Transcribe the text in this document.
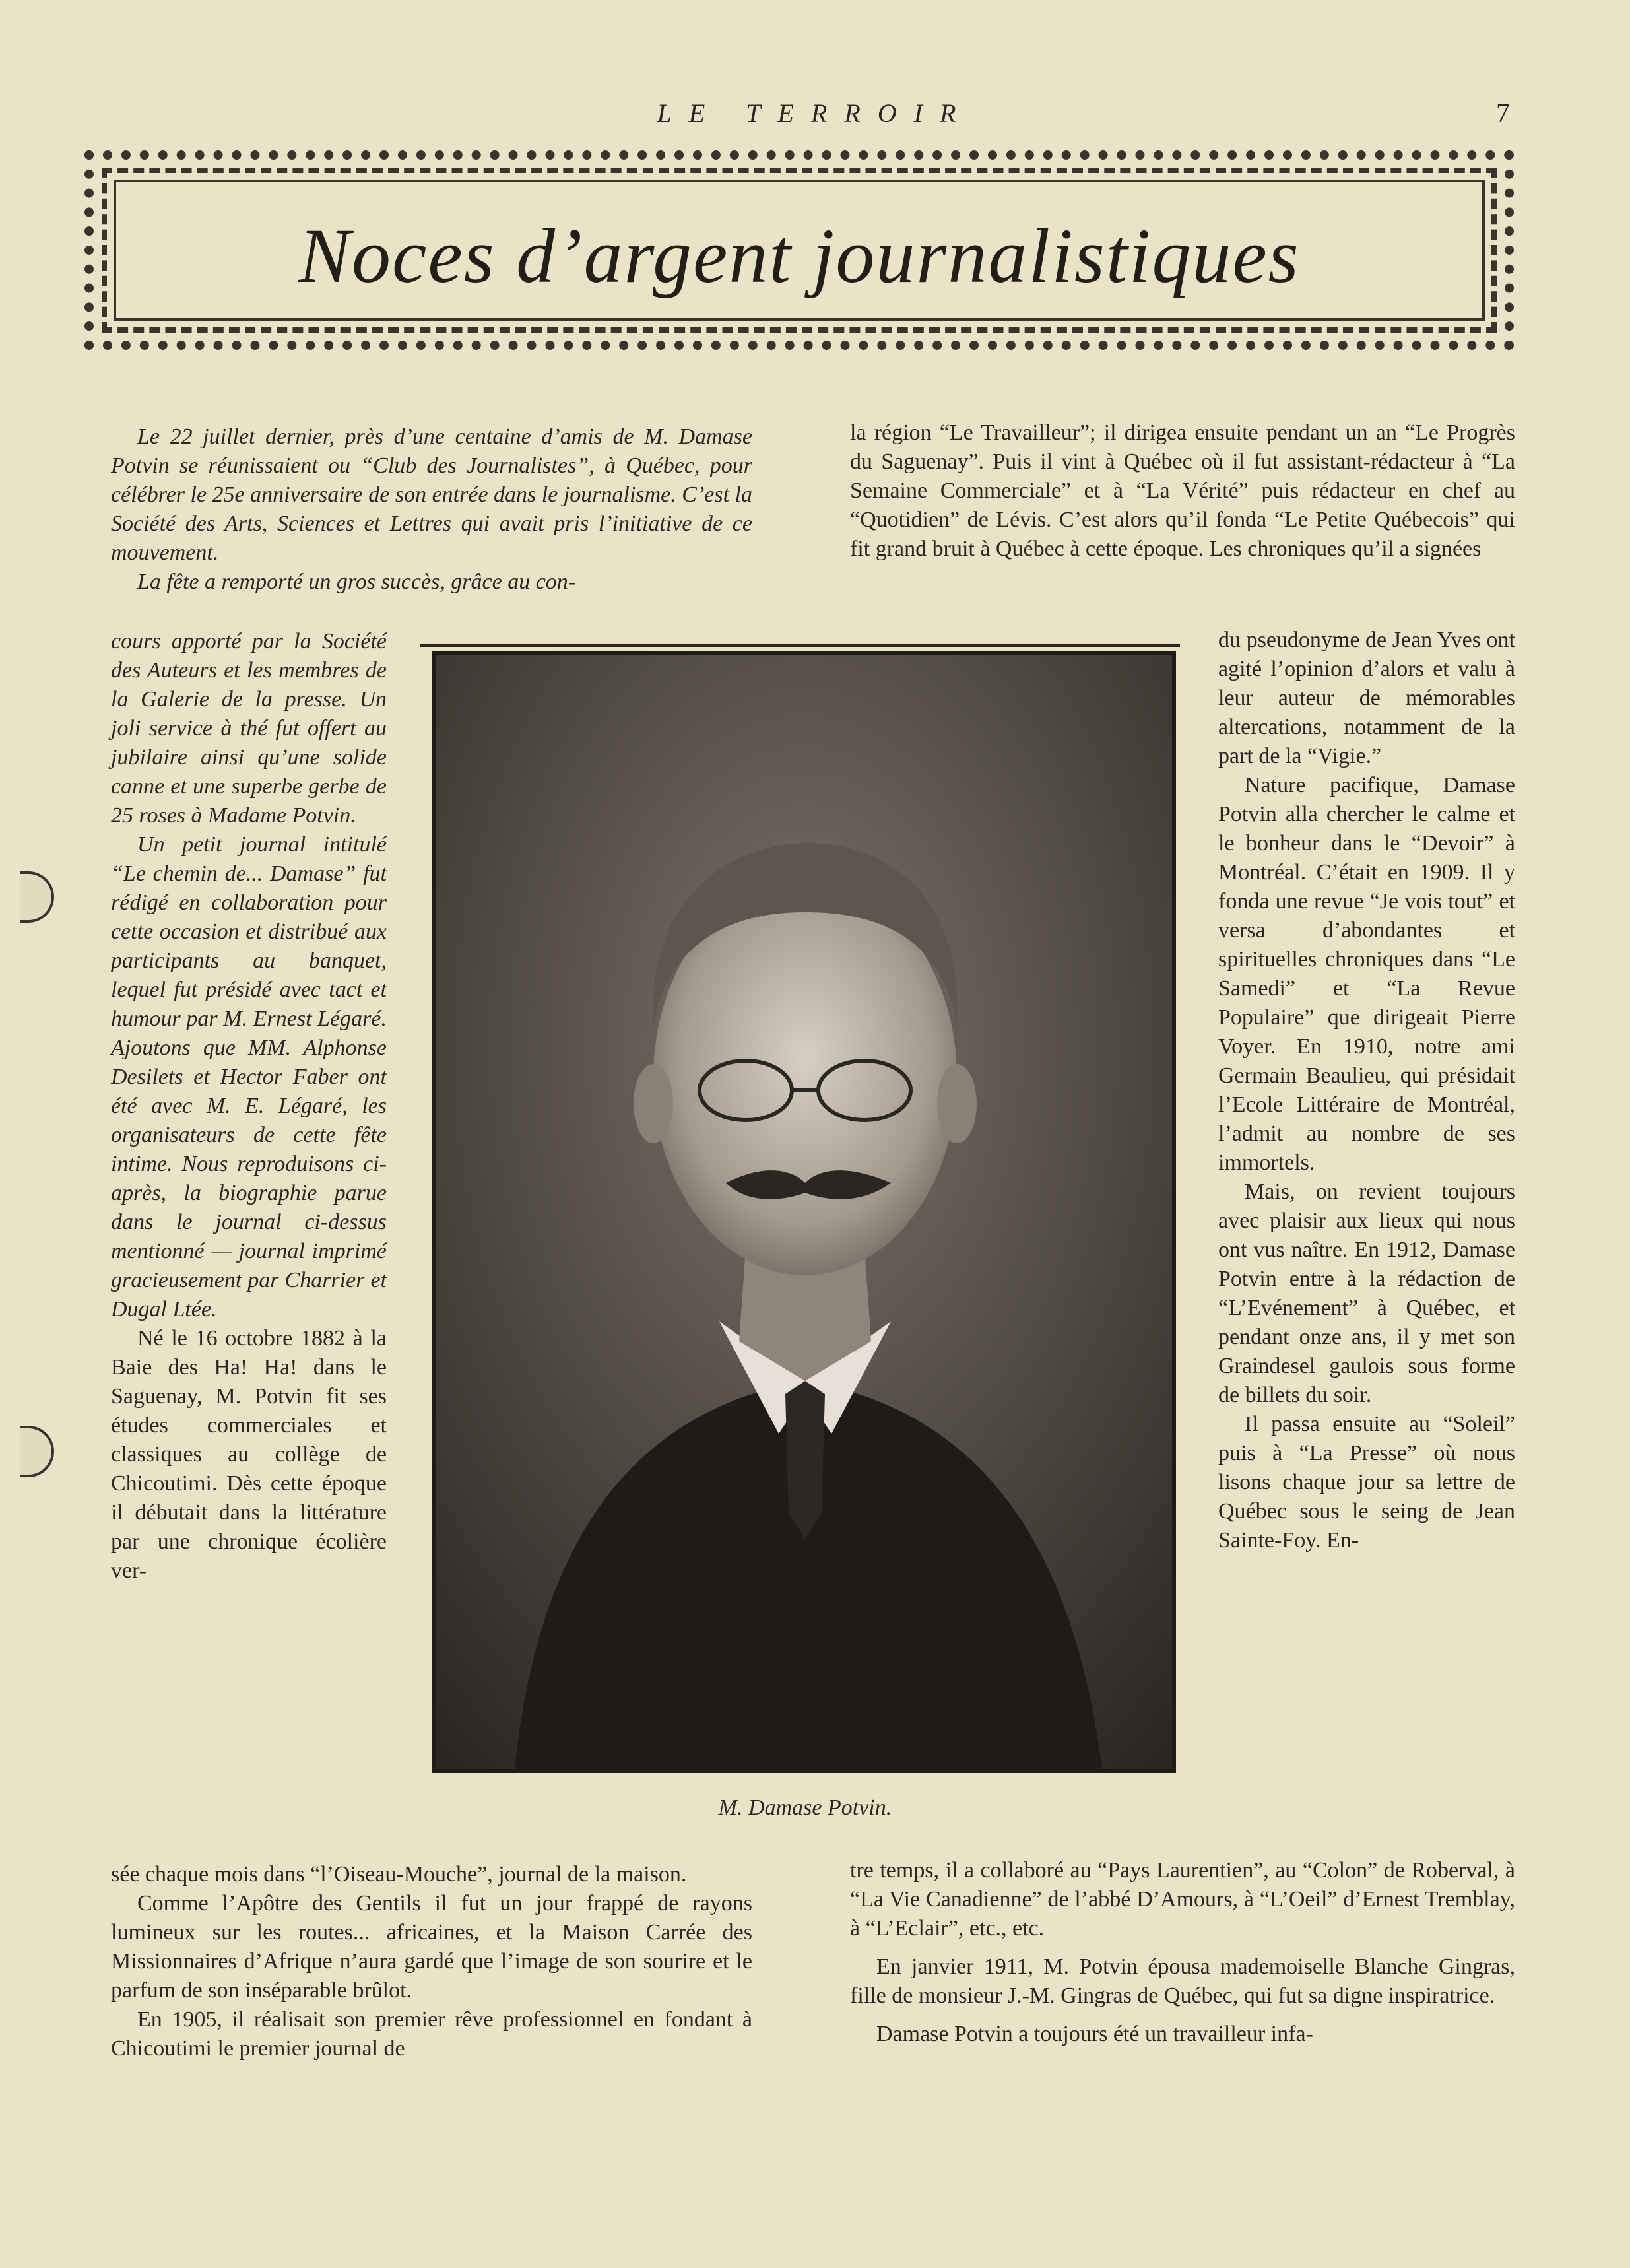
LE TERROIR	7
Noces d’argent journalistiques

Le 22 juillet dernier, près d’une centaine d’amis de M. Damase Potvin se réunissaient ou “Club des Journalistes”, à Québec, pour célébrer le 25e anniversaire de son entrée dans le journalisme. C’est la Société des Arts, Sciences et Lettres qui avait pris l’initiative de ce mouvement.

La fête a remporté un gros succès, grâce au con-

cours apporté par la Société des Auteurs et les membres de la Galerie de la presse. Un joli service à thé fut offert au jubilaire ainsi qu’une solide canne et une superbe gerbe de 25 roses à Madame Potvin.

Un petit journal intitulé “Le chemin de... Damase” fut rédigé en collaboration pour cette occasion et distribué aux participants au banquet, lequel fut présidé avec tact et humour par M. Ernest Légaré. Ajoutons que MM. Alphonse Desilets et Hector Faber ont été avec M. E. Légaré, les organisateurs de cette fête intime. Nous reproduisons ci-après, la biographie parue dans le journal ci-dessus mentionné — journal imprimé gracieusement par Charrier et Dugal Ltée.

Né le 16 octobre 1882 à la Baie des Ha! Ha! dans le Saguenay, M. Potvin fit ses études commerciales et classiques au collège de Chicoutimi. Dès cette époque il débutait dans la littérature par une chronique écolière ver-

sée chaque mois dans “l’Oiseau-Mouche”, journal de la maison.

Comme l’Apôtre des Gentils il fut un jour frappé de rayons lumineux sur les routes... africaines, et la Maison Carrée des Missionnaires d’Afrique n’aura gardé que l’image de son sourire et le parfum de son inséparable brûlot.

En 1905, il réalisait son premier rêve professionnel en fondant à Chicoutimi le premier journal de

la région “Le Travailleur”; il dirigea ensuite pendant un an “Le Progrès du Saguenay”. Puis il vint à Québec où il fut assistant-rédacteur à “La Semaine Commerciale” et à “La Vérité” puis rédacteur en chef au “Quotidien” de Lévis. C’est alors qu’il fonda “Le Petite Québecois” qui fit grand bruit à Québec à cette époque. Les chroniques qu’il a signées

du pseudonyme de Jean Yves ont agité l’opinion d’alors et valu à leur auteur de mémorables altercations, notamment de la part de la “Vigie.”

Nature pacifique, Damase Potvin alla chercher le calme et le bonheur dans le “Devoir” à Montréal. C’était en 1909. Il y fonda une revue “Je vois tout” et versa d’abondantes et spirituelles chroniques dans “Le Samedi” et “La Revue Populaire” que dirigeait Pierre Voyer. En 1910, notre ami Germain Beaulieu, qui présidait l’Ecole Littéraire de Montréal, l’admit au nombre de ses immortels.

Mais, on revient toujours avec plaisir aux lieux qui nous ont vus naître. En 1912, Damase Potvin entre à la rédaction de “L’Evénement” à Québec, et pendant onze ans, il y met son Graindesel gaulois sous forme de billets du soir.

Il passa ensuite au “Soleil” puis à “La Presse” où nous lisons chaque jour sa lettre de Québec sous le seing de Jean Sainte-Foy. En-

tre temps, il a collaboré au “Pays Laurentien”, au “Colon” de Roberval, à “La Vie Canadienne” de l’abbé D’Amours, à “L’Oeil” d’Ernest Tremblay, à “L’Eclair”, etc., etc.

En janvier 1911, M. Potvin épousa mademoiselle Blanche Gingras, fille de monsieur J.-M. Gingras de Québec, qui fut sa digne inspiratrice.

Damase Potvin a toujours été un travailleur infa-

M. Damase Potvin.
